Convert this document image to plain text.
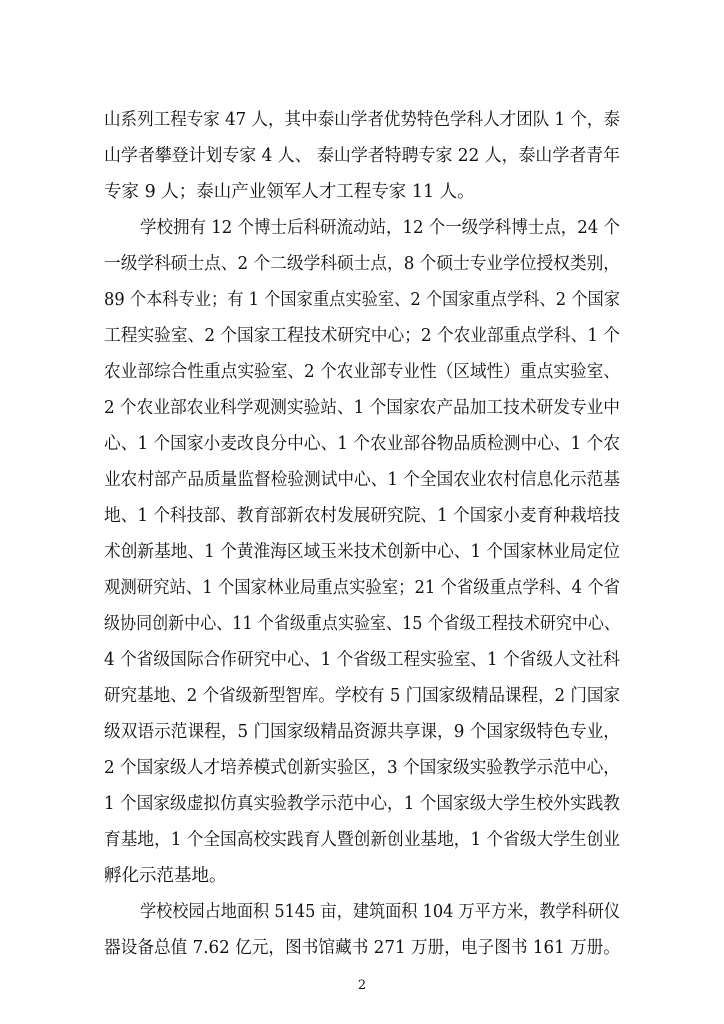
山系列工程专家 47 人，其中泰山学者优势特色学科人才团队 1 个，泰
山学者攀登计划专家 4 人、 泰山学者特聘专家 22 人，泰山学者青年
专家 9 人；泰山产业领军人才工程专家 11 人。
学校拥有 12 个博士后科研流动站，12 个一级学科博士点，24 个
一级学科硕士点、2 个二级学科硕士点，8 个硕士专业学位授权类别，
89 个本科专业；有 1 个国家重点实验室、2 个国家重点学科、2 个国家
工程实验室、2 个国家工程技术研究中心；2 个农业部重点学科、1 个
农业部综合性重点实验室、2 个农业部专业性（区域性）重点实验室、
2 个农业部农业科学观测实验站、1 个国家农产品加工技术研发专业中
心、1 个国家小麦改良分中心、1 个农业部谷物品质检测中心、1 个农
业农村部产品质量监督检验测试中心、1 个全国农业农村信息化示范基
地、1 个科技部、教育部新农村发展研究院、1 个国家小麦育种栽培技
术创新基地、1 个黄淮海区域玉米技术创新中心、1 个国家林业局定位
观测研究站、1 个国家林业局重点实验室；21 个省级重点学科、4 个省
级协同创新中心、11 个省级重点实验室、15 个省级工程技术研究中心、
4 个省级国际合作研究中心、1 个省级工程实验室、1 个省级人文社科
研究基地、2 个省级新型智库。学校有 5 门国家级精品课程，2 门国家
级双语示范课程，5 门国家级精品资源共享课，9 个国家级特色专业，
2 个国家级人才培养模式创新实验区，3 个国家级实验教学示范中心，
1 个国家级虚拟仿真实验教学示范中心，1 个国家级大学生校外实践教
育基地，1 个全国高校实践育人暨创新创业基地，1 个省级大学生创业
孵化示范基地。
学校校园占地面积 5145 亩，建筑面积 104 万平方米，教学科研仪
器设备总值 7.62 亿元，图书馆藏书 271 万册，电子图书 161 万册。
2
